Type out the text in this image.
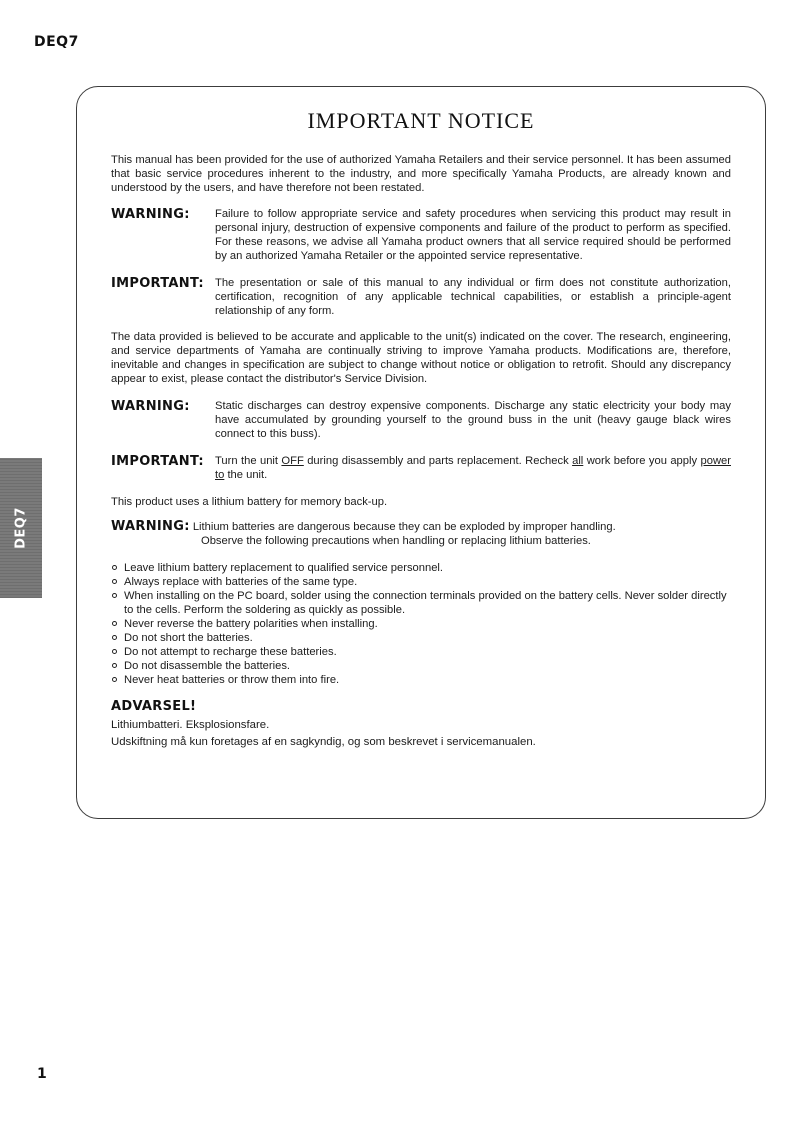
DEQ7
DEQ7
IMPORTANT NOTICE

This manual has been provided for the use of authorized Yamaha Retailers and their service personnel. It has been assumed that basic service procedures inherent to the industry, and more specifically Yamaha Products, are already known and understood by the users, and have therefore not been restated.

WARNING:	Failure to follow appropriate service and safety procedures when servicing this product may result in personal injury, destruction of expensive components and failure of the product to perform as specified. For these reasons, we advise all Yamaha product owners that all service required should be performed by an authorized Yamaha Retailer or the appointed service representative.
IMPORTANT: The presentation or sale of this manual to any individual or firm does not constitute authorization, certification, recognition of any applicable technical capabilities, or establish a principle-agent relationship of any form.

The data provided is believed to be accurate and applicable to the unit(s) indicated on the cover. The research, engineering, and service departments of Yamaha are continually striving to improve Yamaha products. Modifications are, therefore, inevitable and changes in specification are subject to change without notice or obligation to retrofit. Should any discrepancy appear to exist, please contact the distributor's Service Division.

WARNING:	Static discharges can destroy expensive components. Discharge any static electricity your body may have accumulated by grounding yourself to the ground buss in the unit (heavy gauge black wires connect to this buss).
IMPORTANT: Turn the unit OFF during disassembly and parts replacement. Recheck all work before you apply power to the unit.

This product uses a lithium battery for memory back-up.

WARNING: Lithium batteries are dangerous because they can be exploded by improper handling.
Observe the following precautions when handling or replacing lithium batteries.
Leave lithium battery replacement to qualified service personnel.
Always replace with batteries of the same type.
When installing on the PC board, solder using the connection terminals provided on the battery cells. Never solder directly to the cells. Perform the soldering as quickly as possible.
Never reverse the battery polarities when installing.
Do not short the batteries.
Do not attempt to recharge these batteries.
Do not disassemble the batteries.
Never heat batteries or throw them into fire.
ADVARSEL!

Lithiumbatteri. Eksplosionsfare.

Udskiftning må kun foretages af en sagkyndig, og som beskrevet i servicemanualen.

1
